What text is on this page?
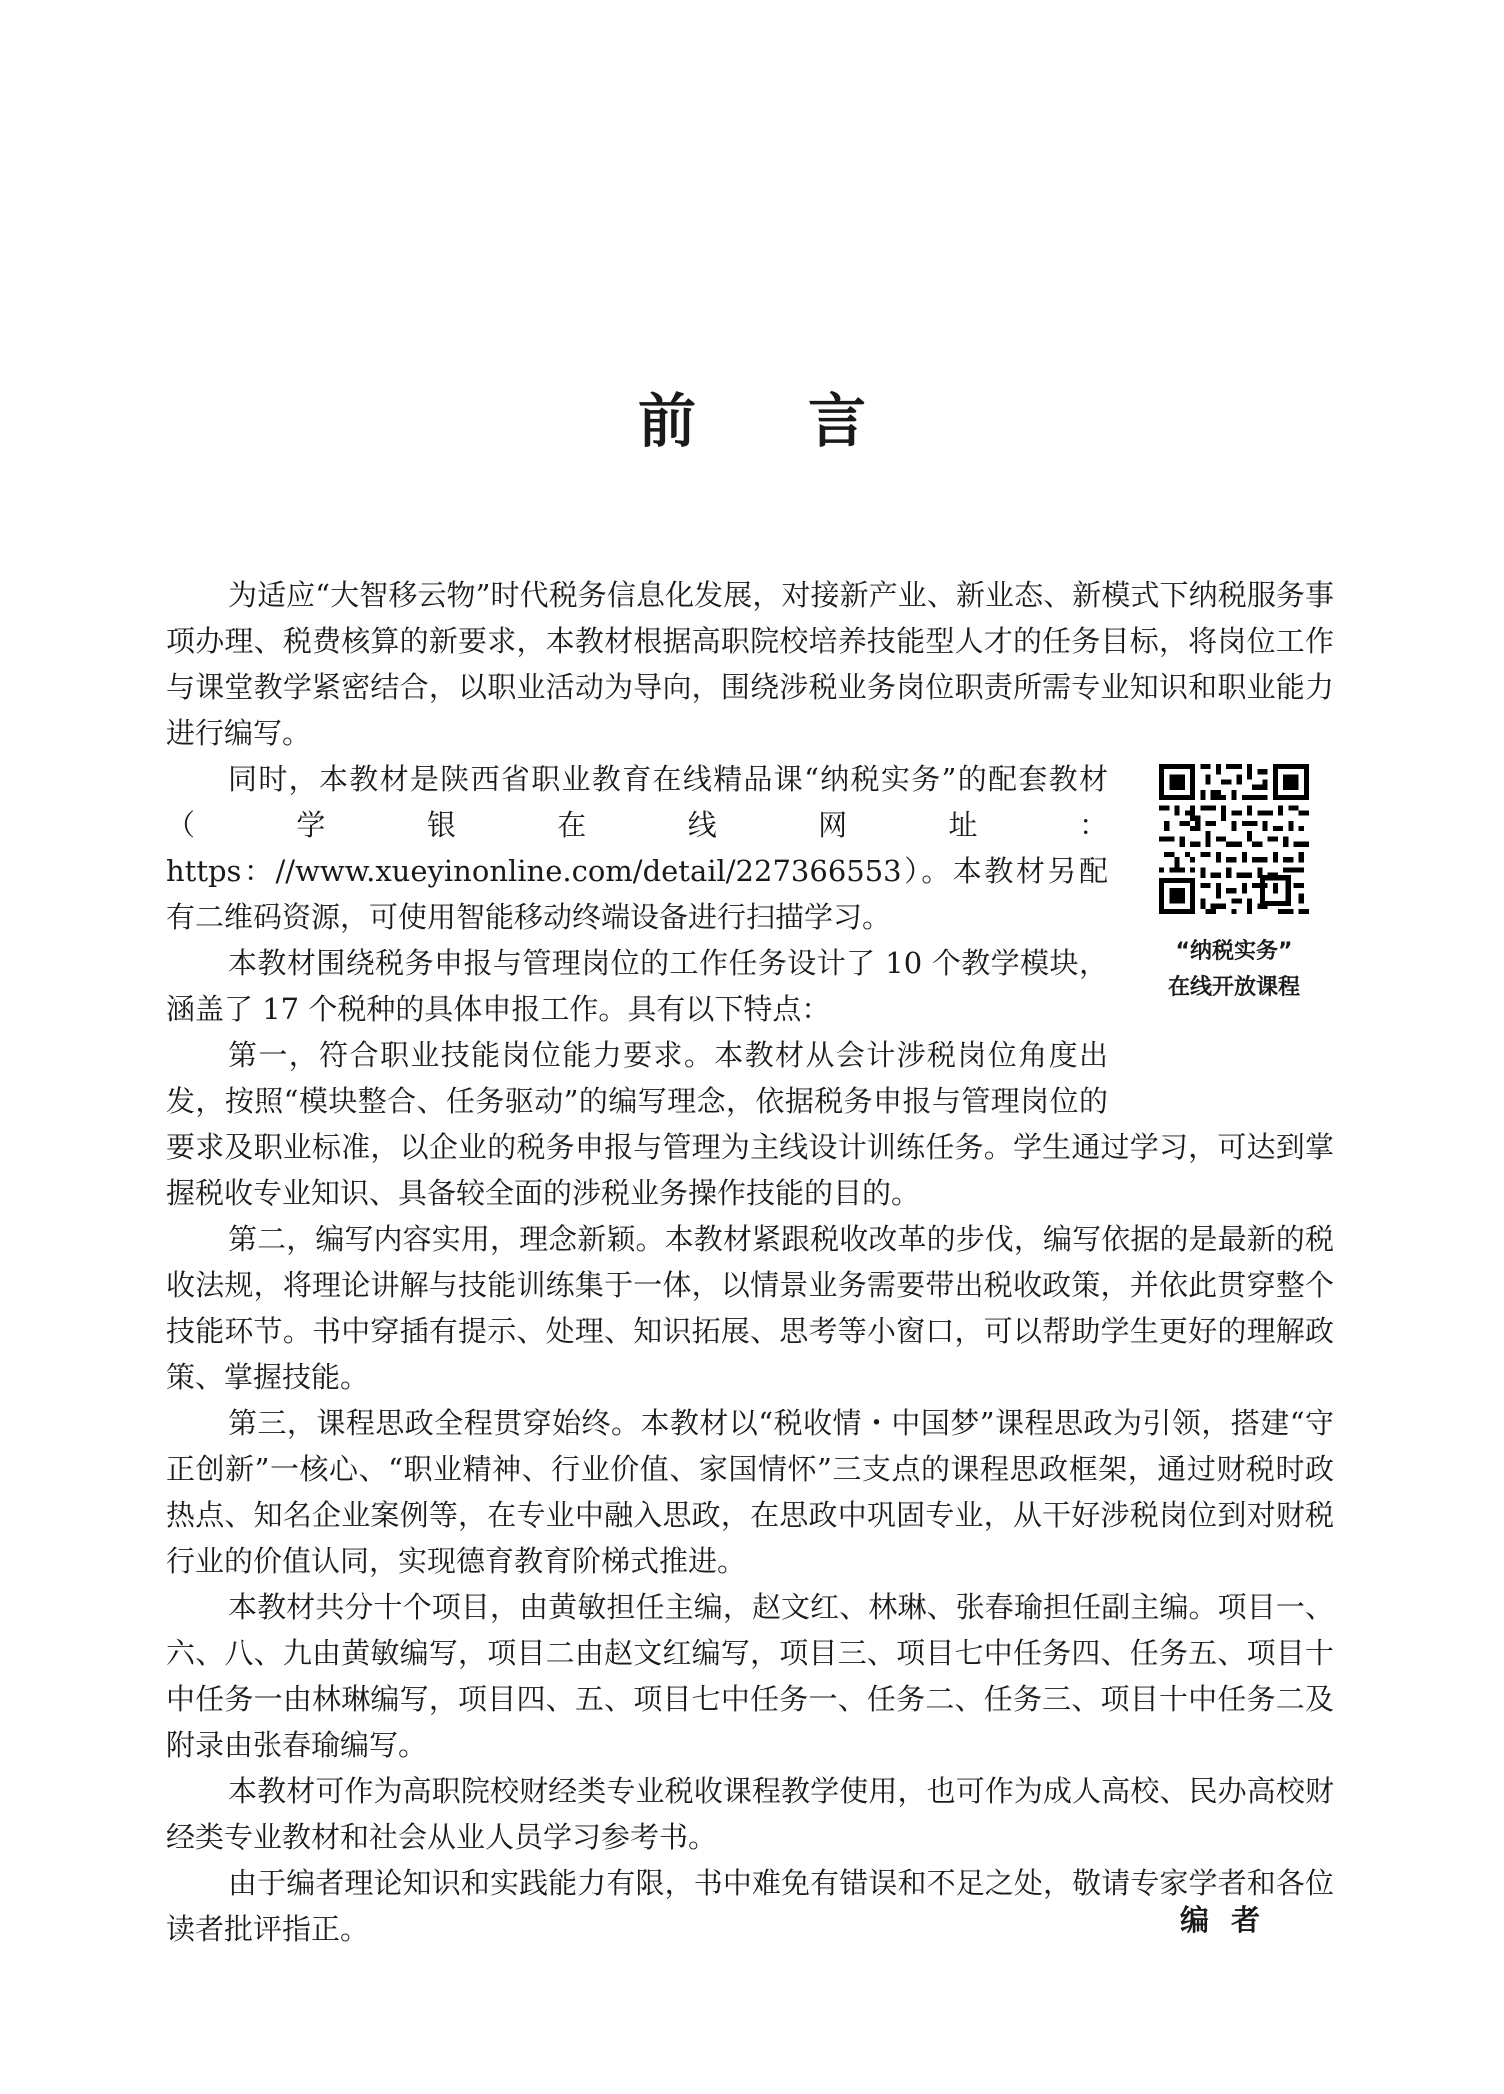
前 言

为适应“大智移云物”时代税务信息化发展，对接新产业、新业态、新模式下纳税服务事项办理、税费核算的新要求，本教材根据高职院校培养技能型人才的任务目标，将岗位工作与课堂教学紧密结合，以职业活动为导向，围绕涉税业务岗位职责所需专业知识和职业能力进行编写。

“纳税实务”
在线开放课程

同时，本教材是陕西省职业教育在线精品课“纳税实务”的配套教材（学银在线网址：https：//www.xueyinonline.com/detail/227366553）。本教材另配有二维码资源，可使用智能移动终端设备进行扫描学习。

本教材围绕税务申报与管理岗位的工作任务设计了 10 个教学模块，涵盖了 17 个税种的具体申报工作。具有以下特点：

第一，符合职业技能岗位能力要求。本教材从会计涉税岗位角度出发，按照“模块整合、任务驱动”的编写理念，依据税务申报与管理岗位的要求及职业标准，以企业的税务申报与管理为主线设计训练任务。学生通过学习，可达到掌握税收专业知识、具备较全面的涉税业务操作技能的目的。

第二，编写内容实用，理念新颖。本教材紧跟税收改革的步伐，编写依据的是最新的税收法规，将理论讲解与技能训练集于一体，以情景业务需要带出税收政策，并依此贯穿整个技能环节。书中穿插有提示、处理、知识拓展、思考等小窗口，可以帮助学生更好的理解政策、掌握技能。

第三，课程思政全程贯穿始终。本教材以“税收情・中国梦”课程思政为引领，搭建“守正创新”一核心、“职业精神、行业价值、家国情怀”三支点的课程思政框架，通过财税时政热点、知名企业案例等，在专业中融入思政，在思政中巩固专业，从干好涉税岗位到对财税行业的价值认同，实现德育教育阶梯式推进。

本教材共分十个项目，由黄敏担任主编，赵文红、林琳、张春瑜担任副主编。项目一、六、八、九由黄敏编写，项目二由赵文红编写，项目三、项目七中任务四、任务五、项目十中任务一由林琳编写，项目四、五、项目七中任务一、任务二、任务三、项目十中任务二及附录由张春瑜编写。

本教材可作为高职院校财经类专业税收课程教学使用，也可作为成人高校、民办高校财经类专业教材和社会从业人员学习参考书。

由于编者理论知识和实践能力有限，书中难免有错误和不足之处，敬请专家学者和各位读者批评指正。	编 者
